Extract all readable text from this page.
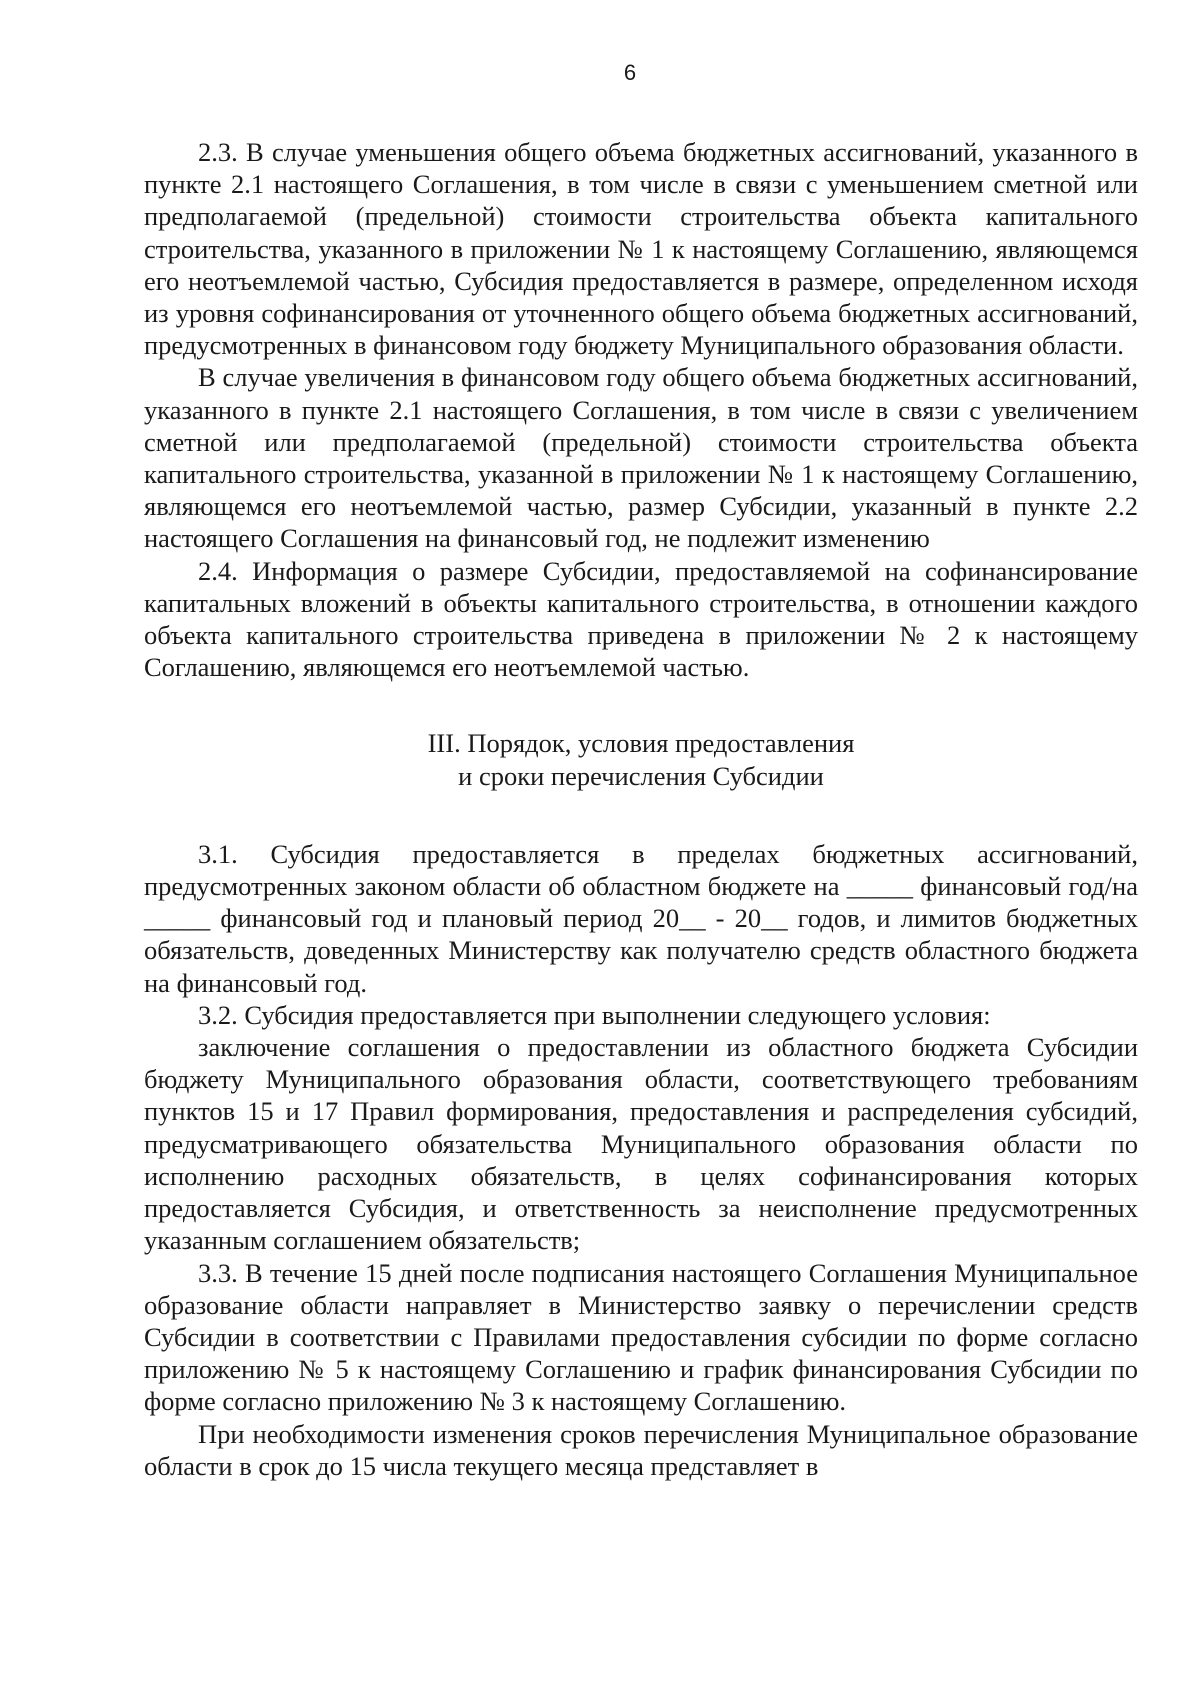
6

2.3. В случае уменьшения общего объема бюджетных ассигнований, указанного в пункте 2.1 настоящего Соглашения, в том числе в связи с уменьшением сметной или предполагаемой (предельной) стоимости строительства объекта капитального строительства, указанного в приложении № 1 к настоящему Соглашению, являющемся его неотъемлемой частью, Субсидия предоставляется в размере, определенном исходя из уровня софинансирования от уточненного общего объема бюджетных ассигнований, предусмотренных в финансовом году бюджету Муниципального образования области.

В случае увеличения в финансовом году общего объема бюджетных ассигнований, указанного в пункте 2.1 настоящего Соглашения, в том числе в связи с увеличением сметной или предполагаемой (предельной) стоимости строительства объекта капитального строительства, указанной в приложении № 1 к настоящему Соглашению, являющемся его неотъемлемой частью, размер Субсидии, указанный в пункте 2.2 настоящего Соглашения на финансовый год, не подлежит изменению

2.4. Информация о размере Субсидии, предоставляемой на софинансирование капитальных вложений в объекты капитального строительства, в отношении каждого объекта капитального строительства приведена в приложении № 2 к настоящему Соглашению, являющемся его неотъемлемой частью.

III. Порядок, условия предоставления
и сроки перечисления Субсидии

3.1. Субсидия предоставляется в пределах бюджетных ассигнований, предусмотренных законом области об областном бюджете на _____ финансовый год/на _____ финансовый год и плановый период 20__ - 20__ годов, и лимитов бюджетных обязательств, доведенных Министерству как получателю средств областного бюджета на финансовый год.

3.2. Субсидия предоставляется при выполнении следующего условия:

заключение соглашения о предоставлении из областного бюджета Субсидии бюджету Муниципального образования области, соответствующего требованиям пунктов 15 и 17 Правил формирования, предоставления и распределения субсидий, предусматривающего обязательства Муниципального образования области по исполнению расходных обязательств, в целях софинансирования которых предоставляется Субсидия, и ответственность за неисполнение предусмотренных указанным соглашением обязательств;

3.3. В течение 15 дней после подписания настоящего Соглашения Муниципальное образование области направляет в Министерство заявку о перечислении средств Субсидии в соответствии с Правилами предоставления субсидии по форме согласно приложению № 5 к настоящему Соглашению и график финансирования Субсидии по форме согласно приложению № 3 к настоящему Соглашению.

При необходимости изменения сроков перечисления Муниципальное образование области в срок до 15 числа текущего месяца представляет в
